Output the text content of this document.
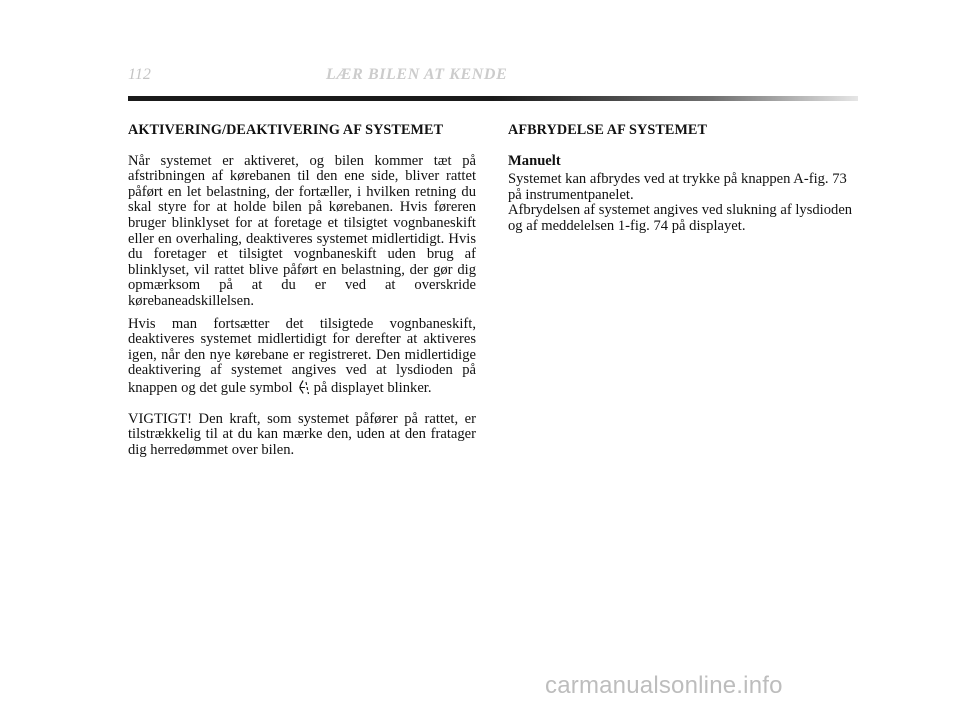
112	LÆR BILEN AT KENDE
AKTIVERING/DEAKTIVERING AF SYSTEMET

Når systemet er aktiveret, og bilen kommer tæt på afstribningen af kørebanen til den ene side, bliver rattet påført en let belastning, der fortæller, i hvilken retning du skal styre for at holde bilen på kørebanen. Hvis føreren bruger blinklyset for at foretage et tilsigtet vognbaneskift eller en overhaling, deaktiveres systemet midlertidigt. Hvis du foretager et tilsigtet vognbaneskift uden brug af blinklyset, vil rattet blive påført en belastning, der gør dig opmærksom på at du er ved at overskride kørebaneadskillelsen.

Hvis man fortsætter det tilsigtede vognbaneskift, deaktiveres systemet midlertidigt for derefter at aktiveres igen, når den nye kørebane er registreret. Den midlertidige deaktivering af systemet angives ved at lysdioden på knappen og det gule symbol på displayet blinker.

VIGTIGT! Den kraft, som systemet påfører på rattet, er tilstrækkelig til at du kan mærke den, uden at den fratager dig herredømmet over bilen.

AFBRYDELSE AF SYSTEMET
Manuelt

Systemet kan afbrydes ved at trykke på knappen A-fig. 73 på instrumentpanelet.

Afbrydelsen af systemet angives ved slukning af lysdioden og af meddelelsen 1-fig. 74 på displayet.

carmanualsonline.info
